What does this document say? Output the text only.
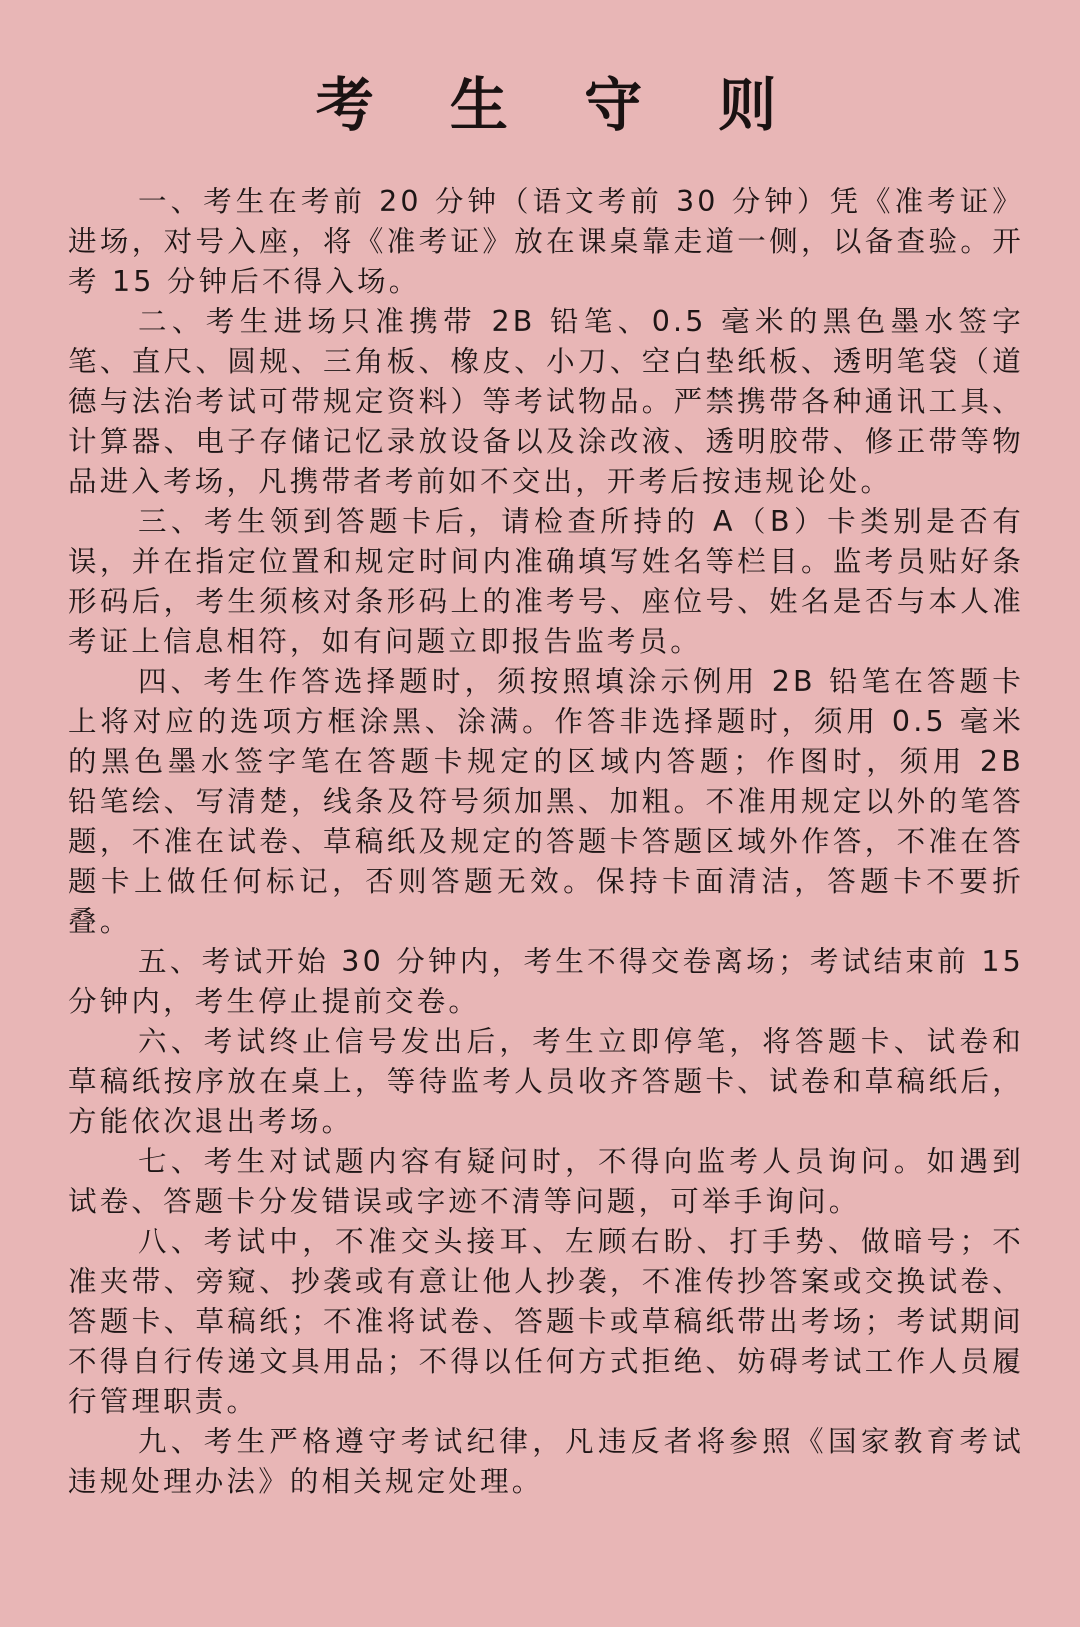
考 生 守 则

一、考生在考前 20 分钟（语文考前 30 分钟）凭《准考证》进场，对号入座，将《准考证》放在课桌靠走道一侧，以备查验。开考 15 分钟后不得入场。

二、考生进场只准携带 2B 铅笔、0.5 毫米的黑色墨水签字笔、直尺、圆规、三角板、橡皮、小刀、空白垫纸板、透明笔袋（道德与法治考试可带规定资料）等考试物品。严禁携带各种通讯工具、计算器、电子存储记忆录放设备以及涂改液、透明胶带、修正带等物品进入考场，凡携带者考前如不交出，开考后按违规论处。

三、考生领到答题卡后，请检查所持的 A（B）卡类别是否有误，并在指定位置和规定时间内准确填写姓名等栏目。监考员贴好条形码后，考生须核对条形码上的准考号、座位号、姓名是否与本人准考证上信息相符，如有问题立即报告监考员。

四、考生作答选择题时，须按照填涂示例用 2B 铅笔在答题卡上将对应的选项方框涂黑、涂满。作答非选择题时，须用 0.5 毫米的黑色墨水签字笔在答题卡规定的区域内答题；作图时，须用 2B 铅笔绘、写清楚，线条及符号须加黑、加粗。不准用规定以外的笔答题，不准在试卷、草稿纸及规定的答题卡答题区域外作答，不准在答题卡上做任何标记，否则答题无效。保持卡面清洁，答题卡不要折叠。

五、考试开始 30 分钟内，考生不得交卷离场；考试结束前 15 分钟内，考生停止提前交卷。

六、考试终止信号发出后，考生立即停笔，将答题卡、试卷和草稿纸按序放在桌上，等待监考人员收齐答题卡、试卷和草稿纸后，方能依次退出考场。

七、考生对试题内容有疑问时，不得向监考人员询问。如遇到试卷、答题卡分发错误或字迹不清等问题，可举手询问。

八、考试中，不准交头接耳、左顾右盼、打手势、做暗号；不准夹带、旁窥、抄袭或有意让他人抄袭，不准传抄答案或交换试卷、答题卡、草稿纸；不准将试卷、答题卡或草稿纸带出考场；考试期间不得自行传递文具用品；不得以任何方式拒绝、妨碍考试工作人员履行管理职责。

九、考生严格遵守考试纪律，凡违反者将参照《国家教育考试违规处理办法》的相关规定处理。
